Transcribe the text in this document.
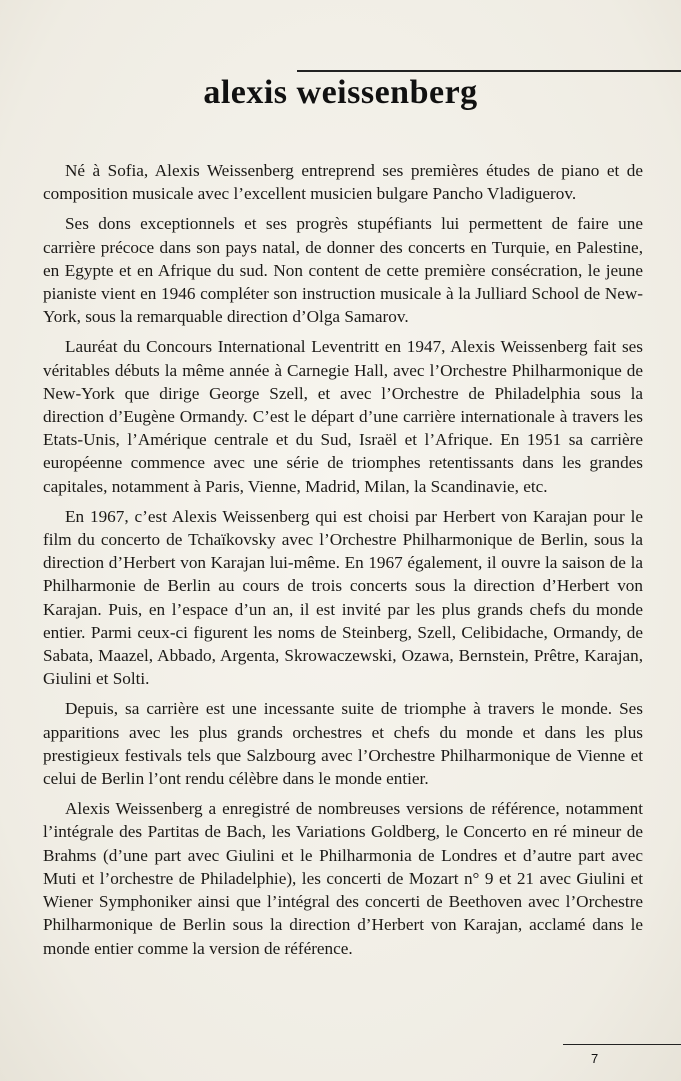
alexis weissenberg

Né à Sofia, Alexis Weissenberg entreprend ses premières études de piano et de composition musicale avec l’excellent musicien bulgare Pancho Vladiguerov.

Ses dons exceptionnels et ses progrès stupéfiants lui permettent de faire une carrière précoce dans son pays natal, de donner des concerts en Turquie, en Palestine, en Egypte et en Afrique du sud. Non content de cette première consécration, le jeune pianiste vient en 1946 compléter son instruction musicale à la Julliard School de New-York, sous la remarquable direction d’Olga Samarov.

Lauréat du Concours International Leventritt en 1947, Alexis Weissenberg fait ses véritables débuts la même année à Carnegie Hall, avec l’Orchestre Philharmonique de New-York que dirige George Szell, et avec l’Orchestre de Philadelphia sous la direction d’Eugène Ormandy. C’est le départ d’une carrière internationale à travers les Etats-Unis, l’Amérique centrale et du Sud, Israël et l’Afrique. En 1951 sa carrière européenne commence avec une série de triomphes retentissants dans les grandes capitales, notamment à Paris, Vienne, Madrid, Milan, la Scandinavie, etc.

En 1967, c’est Alexis Weissenberg qui est choisi par Herbert von Karajan pour le film du concerto de Tchaïkovsky avec l’Orchestre Philharmonique de Berlin, sous la direction d’Herbert von Karajan lui-même. En 1967 également, il ouvre la saison de la Philharmonie de Berlin au cours de trois concerts sous la direction d’Herbert von Karajan. Puis, en l’espace d’un an, il est invité par les plus grands chefs du monde entier. Parmi ceux-ci figurent les noms de Steinberg, Szell, Celibidache, Ormandy, de Sabata, Maazel, Abbado, Argenta, Skrowaczewski, Ozawa, Bernstein, Prêtre, Karajan, Giulini et Solti.

Depuis, sa carrière est une incessante suite de triomphe à travers le monde. Ses apparitions avec les plus grands orchestres et chefs du monde et dans les plus prestigieux festivals tels que Salzbourg avec l’Orchestre Philharmonique de Vienne et celui de Berlin l’ont rendu célèbre dans le monde entier.

Alexis Weissenberg a enregistré de nombreuses versions de référence, notamment l’intégrale des Partitas de Bach, les Variations Goldberg, le Concerto en ré mineur de Brahms (d’une part avec Giulini et le Philharmonia de Londres et d’autre part avec Muti et l’orchestre de Philadelphie), les concerti de Mozart n° 9 et 21 avec Giulini et Wiener Symphoniker ainsi que l’intégral des concerti de Beethoven avec l’Orchestre Philharmonique de Berlin sous la direction d’Herbert von Karajan, acclamé dans le monde entier comme la version de référence.

7
